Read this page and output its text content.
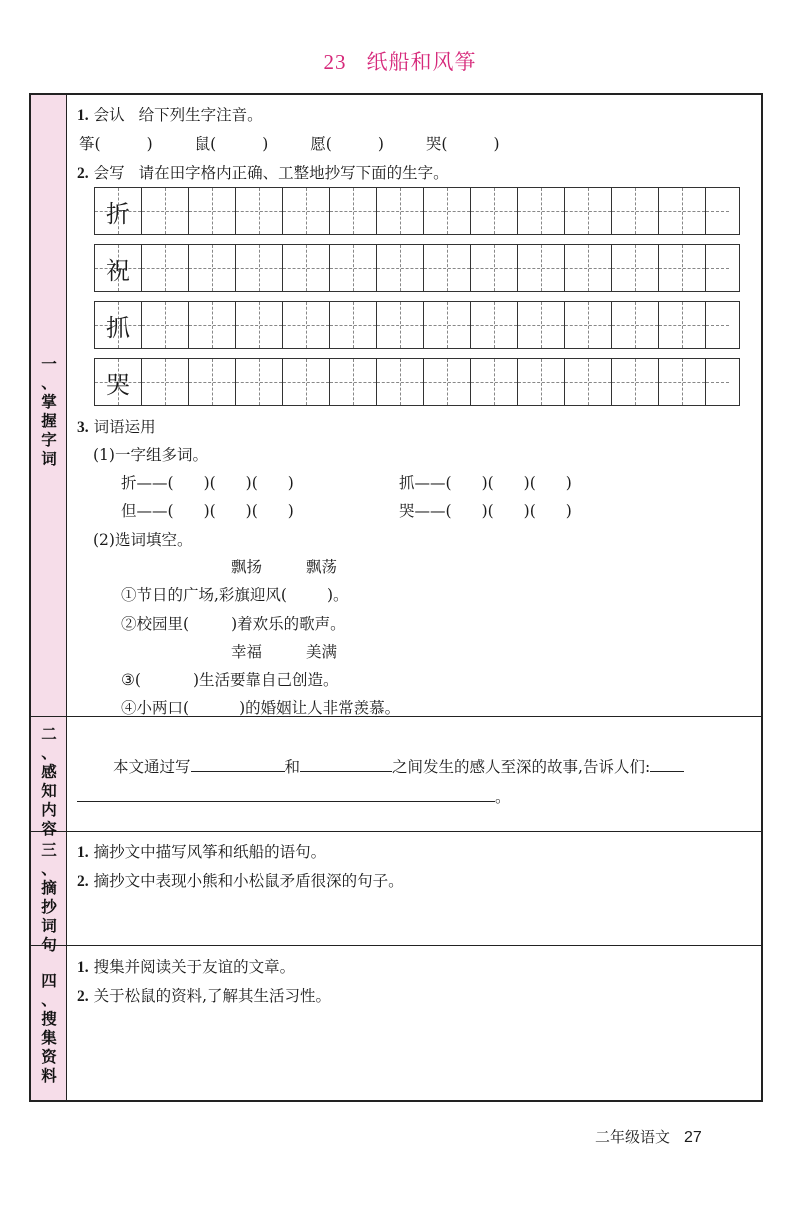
23 纸船和风筝
一
、
掌
握
字
词
二
、
感
知
内
容
三
、
摘
抄
词
句
四
、
搜
集
资
料
1. 会认 给下列生字注音。
筝(	)	鼠(	)	愿(	)	哭(	)
2. 会写 请在田字格内正确、工整地抄写下面的生字。
折
祝
抓
哭
3. 词语运用
(1)一字组多词。
折——( )( )( )	抓——( )( )( )
但——( )( )( )	哭——( )( )( )
(2)选词填空。
飘扬	飘荡
①节日的广场,彩旗迎风(	)。
②校园里(	)着欢乐的歌声。
幸福	美满
③(	)生活要靠自己创造。
④小两口(	)的婚姻让人非常羡慕。
本文通过写	和	之间发生的感人至深的故事,告诉人们:
。
1. 摘抄文中描写风筝和纸船的语句。
2. 摘抄文中表现小熊和小松鼠矛盾很深的句子。
1. 搜集并阅读关于友谊的文章。
2. 关于松鼠的资料,了解其生活习性。
二年级语文 27
